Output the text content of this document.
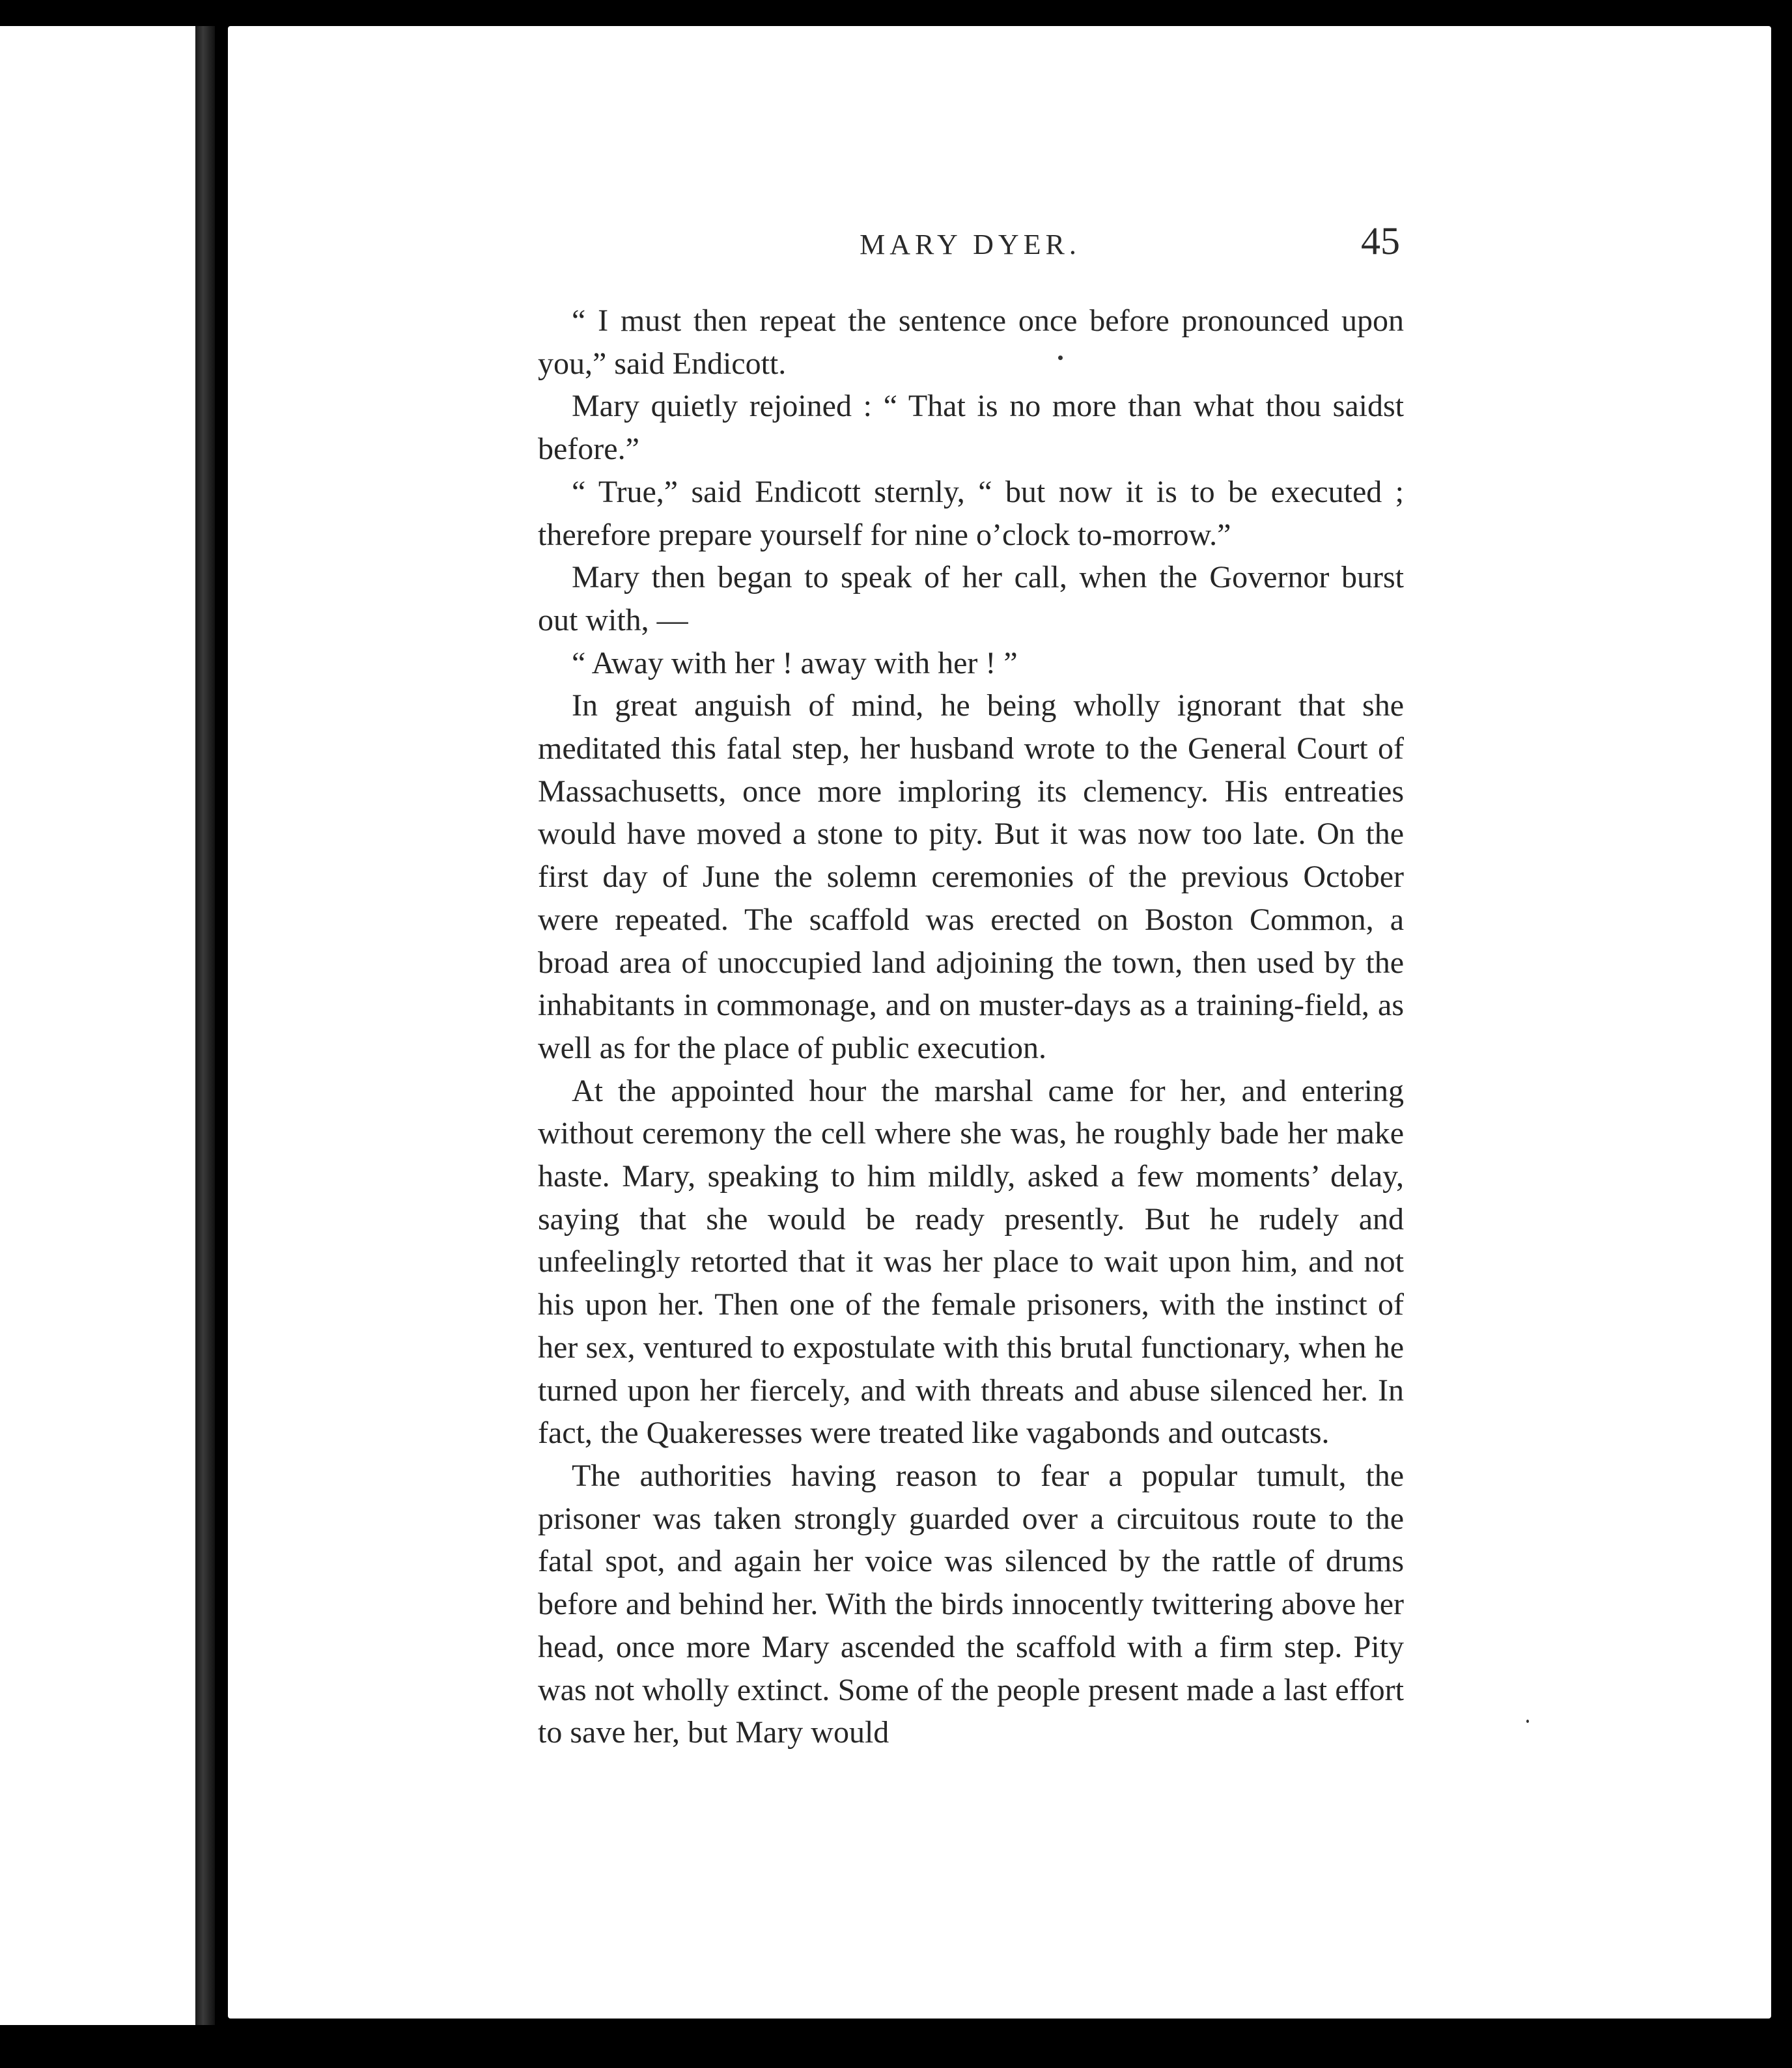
MARY DYER.	45

“ I must then repeat the sentence once before pronounced upon you,” said Endicott.

Mary quietly rejoined : “ That is no more than what thou saidst before.”

“ True,” said Endicott sternly, “ but now it is to be executed ; therefore prepare yourself for nine o’clock to-morrow.”

Mary then began to speak of her call, when the Governor burst out with, —

“ Away with her ! away with her ! ”

In great anguish of mind, he being wholly ignorant that she meditated this fatal step, her husband wrote to the General Court of Massachusetts, once more imploring its clemency. His entreaties would have moved a stone to pity. But it was now too late. On the first day of June the solemn ceremonies of the previous October were repeated. The scaffold was erected on Boston Common, a broad area of unoccupied land adjoining the town, then used by the inhabitants in commonage, and on muster-days as a training-field, as well as for the place of public execution.

At the appointed hour the marshal came for her, and entering without ceremony the cell where she was, he roughly bade her make haste. Mary, speaking to him mildly, asked a few moments’ delay, saying that she would be ready presently. But he rudely and unfeelingly retorted that it was her place to wait upon him, and not his upon her. Then one of the female prisoners, with the instinct of her sex, ventured to expostulate with this brutal functionary, when he turned upon her fiercely, and with threats and abuse silenced her. In fact, the Quakeresses were treated like vagabonds and outcasts.

The authorities having reason to fear a popular tumult, the prisoner was taken strongly guarded over a circuitous route to the fatal spot, and again her voice was silenced by the rattle of drums before and behind her. With the birds innocently twittering above her head, once more Mary ascended the scaffold with a firm step. Pity was not wholly extinct. Some of the people present made a last effort to save her, but Mary would
